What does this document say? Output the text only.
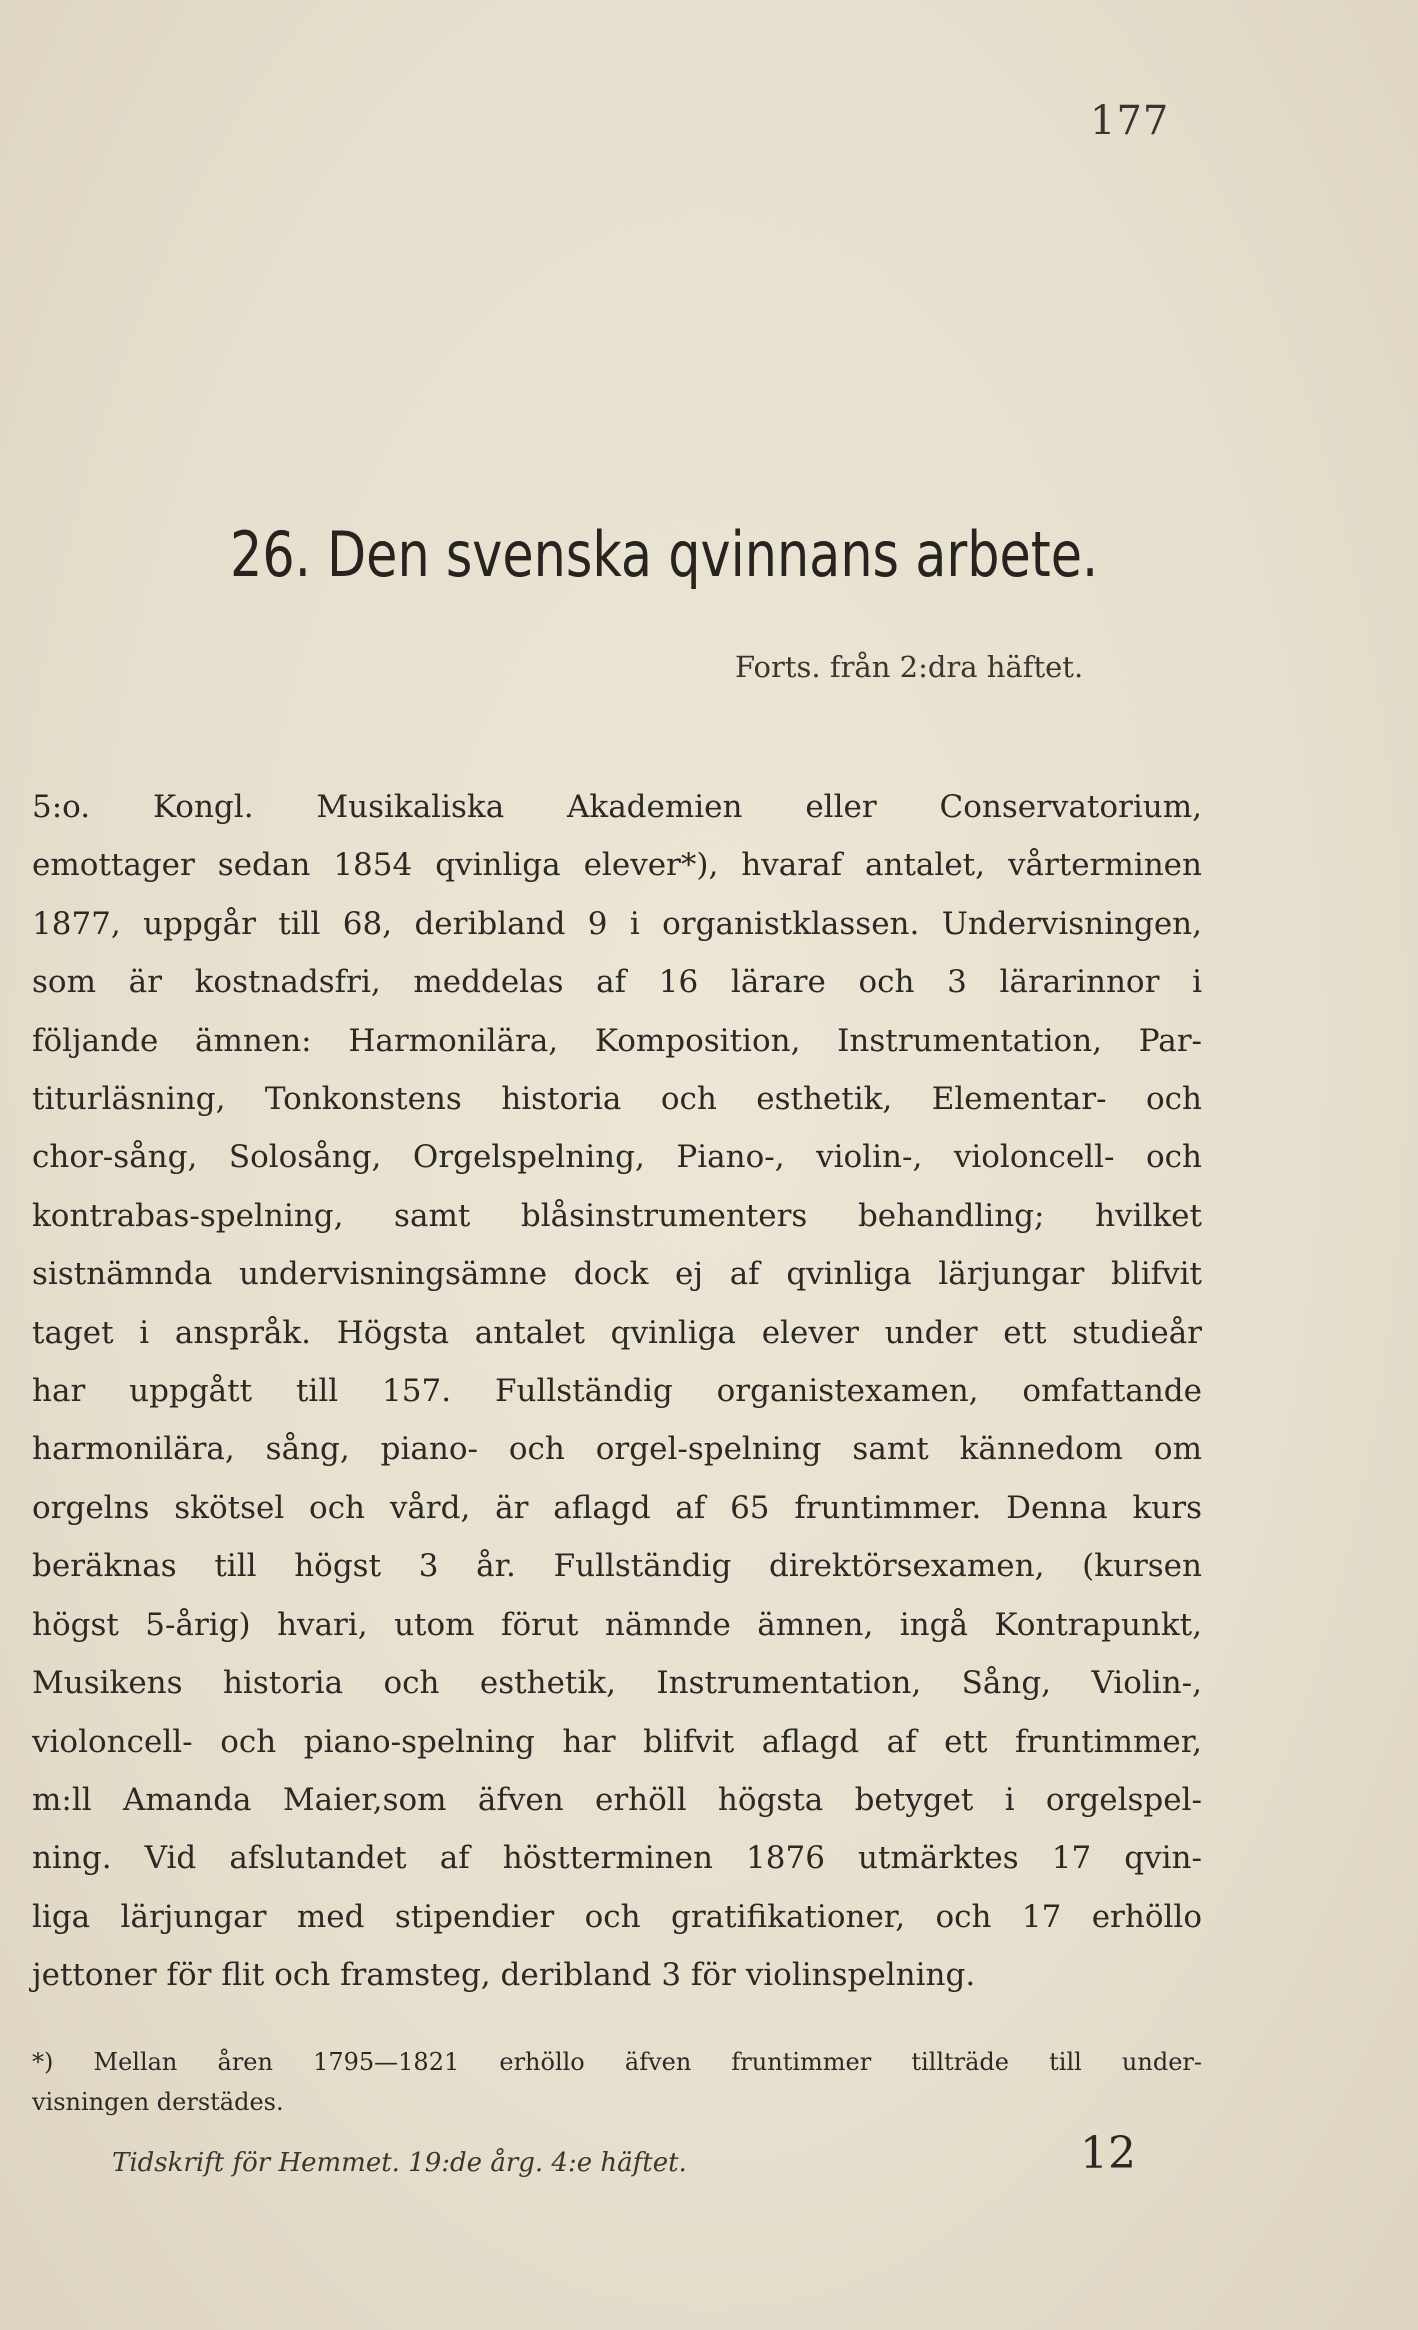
177
26. Den svenska qvinnans arbete.
Forts. från 2:dra häftet.
5:o. Kongl. Musikaliska Akademien eller Conservatorium,
emottager sedan 1854 qvinliga elever*), hvaraf antalet, vårterminen
1877, uppgår till 68, deribland 9 i organistklassen. Undervisningen,
som är kostnadsfri, meddelas af 16 lärare och 3 lärarinnor i
följande ämnen: Harmonilära, Komposition, Instrumentation, Par-
titurläsning, Tonkonstens historia och esthetik, Elementar- och
chor-sång, Solosång, Orgelspelning, Piano-, violin-, violoncell- och
kontrabas-spelning, samt blåsinstrumenters behandling; hvilket
sistnämnda undervisningsämne dock ej af qvinliga lärjungar blifvit
taget i anspråk. Högsta antalet qvinliga elever under ett studieår
har uppgått till 157. Fullständig organistexamen, omfattande
harmonilära, sång, piano- och orgel-spelning samt kännedom om
orgelns skötsel och vård, är aflagd af 65 fruntimmer. Denna kurs
beräknas till högst 3 år. Fullständig direktörsexamen, (kursen
högst 5-årig) hvari, utom förut nämnde ämnen, ingå Kontrapunkt,
Musikens historia och esthetik, Instrumentation, Sång, Violin-,
violoncell- och piano-spelning har blifvit aflagd af ett fruntimmer,
m:ll Amanda Maier,som äfven erhöll högsta betyget i orgelspel-
ning. Vid afslutandet af höstterminen 1876 utmärktes 17 qvin-
liga lärjungar med stipendier och gratifikationer, och 17 erhöllo
jettoner för flit och framsteg, deribland 3 för violinspelning.
*) Mellan åren 1795—1821 erhöllo äfven fruntimmer tillträde till under-
visningen derstädes.
Tidskrift för Hemmet. 19:de årg. 4:e häftet.	12
